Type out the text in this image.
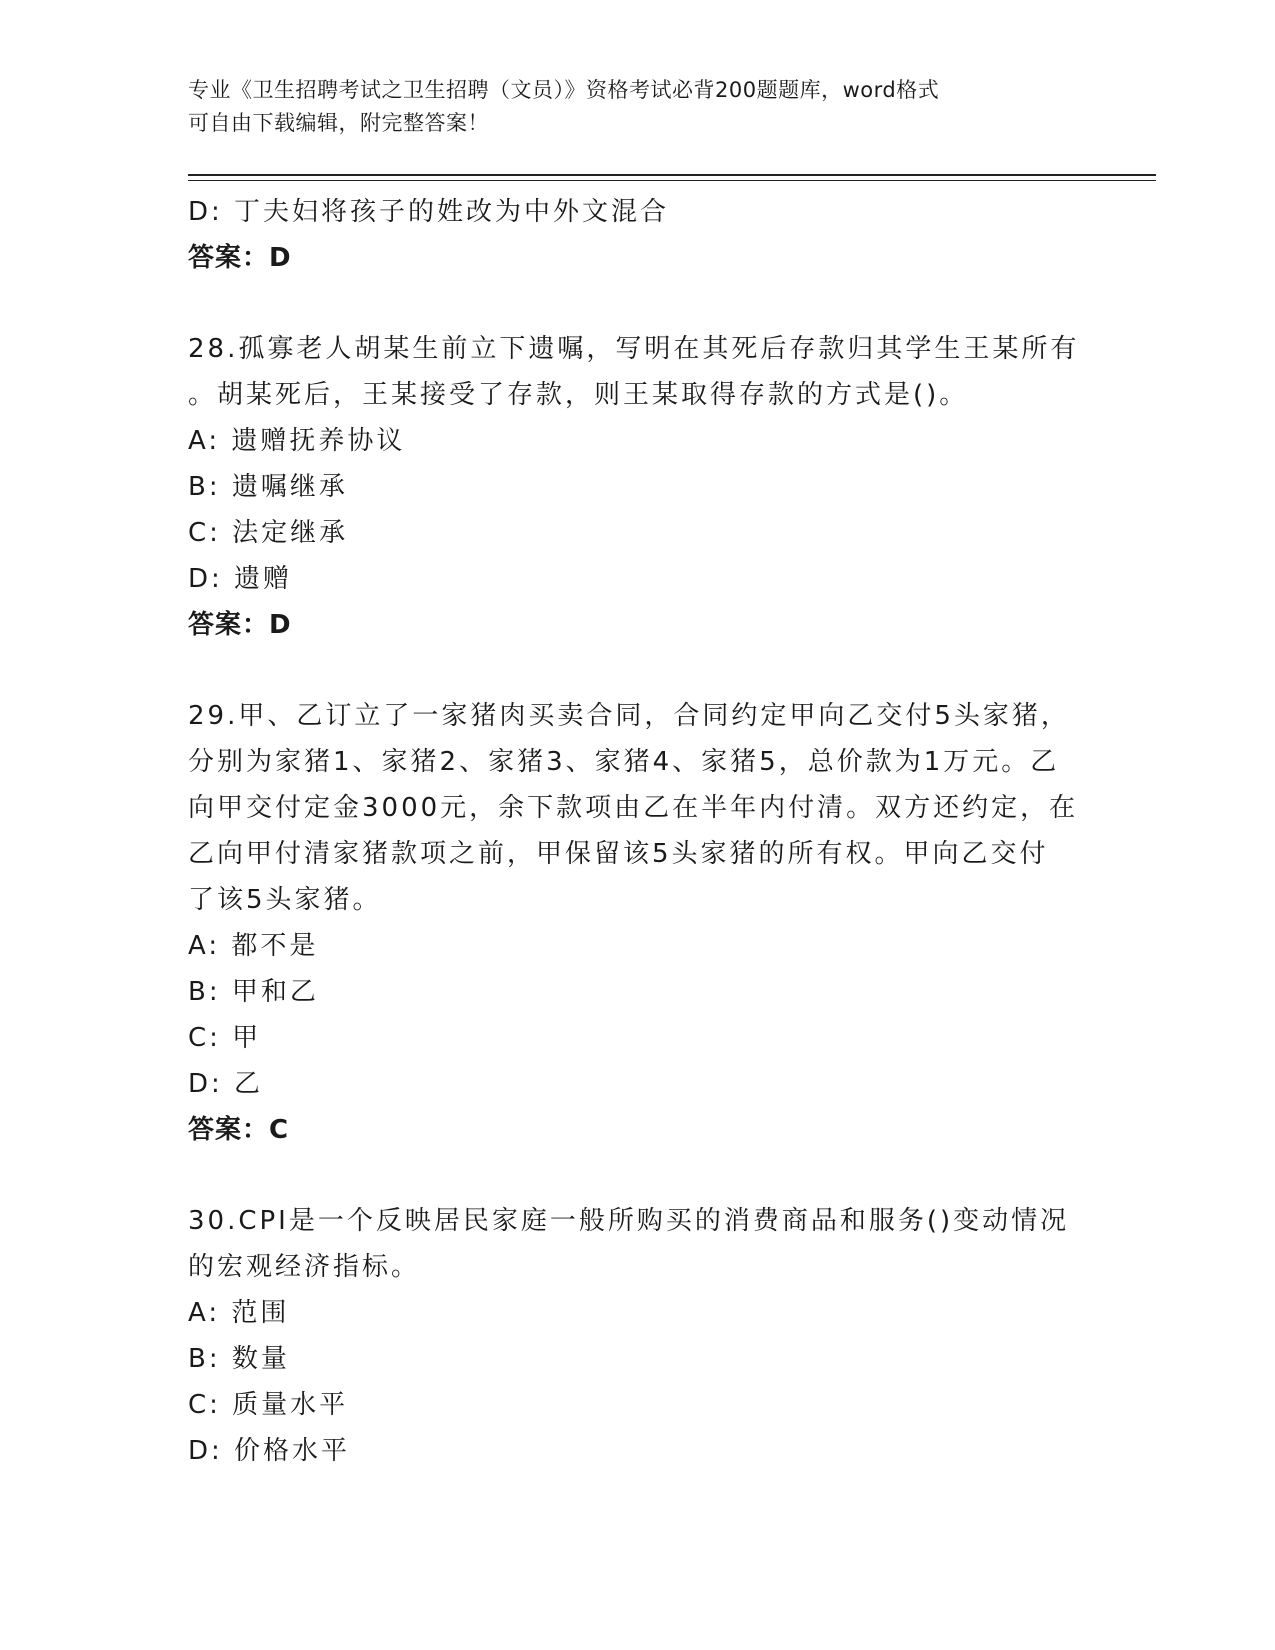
专业《卫生招聘考试之卫生招聘（文员）》资格考试必背200题题库，word格式
可自由下载编辑，附完整答案！
D: 丁夫妇将孩子的姓改为中外文混合
答案：D
28.孤寡老人胡某生前立下遗嘱，写明在其死后存款归其学生王某所有
。胡某死后，王某接受了存款，则王某取得存款的方式是()。
A: 遗赠抚养协议
B: 遗嘱继承
C: 法定继承
D: 遗赠
答案：D
29.甲、乙订立了一家猪肉买卖合同，合同约定甲向乙交付5头家猪，
分别为家猪1、家猪2、家猪3、家猪4、家猪5，总价款为1万元。乙
向甲交付定金3000元，余下款项由乙在半年内付清。双方还约定，在
乙向甲付清家猪款项之前，甲保留该5头家猪的所有权。甲向乙交付
了该5头家猪。
A: 都不是
B: 甲和乙
C: 甲
D: 乙
答案：C
30.CPI是一个反映居民家庭一般所购买的消费商品和服务()变动情况
的宏观经济指标。
A: 范围
B: 数量
C: 质量水平
D: 价格水平
